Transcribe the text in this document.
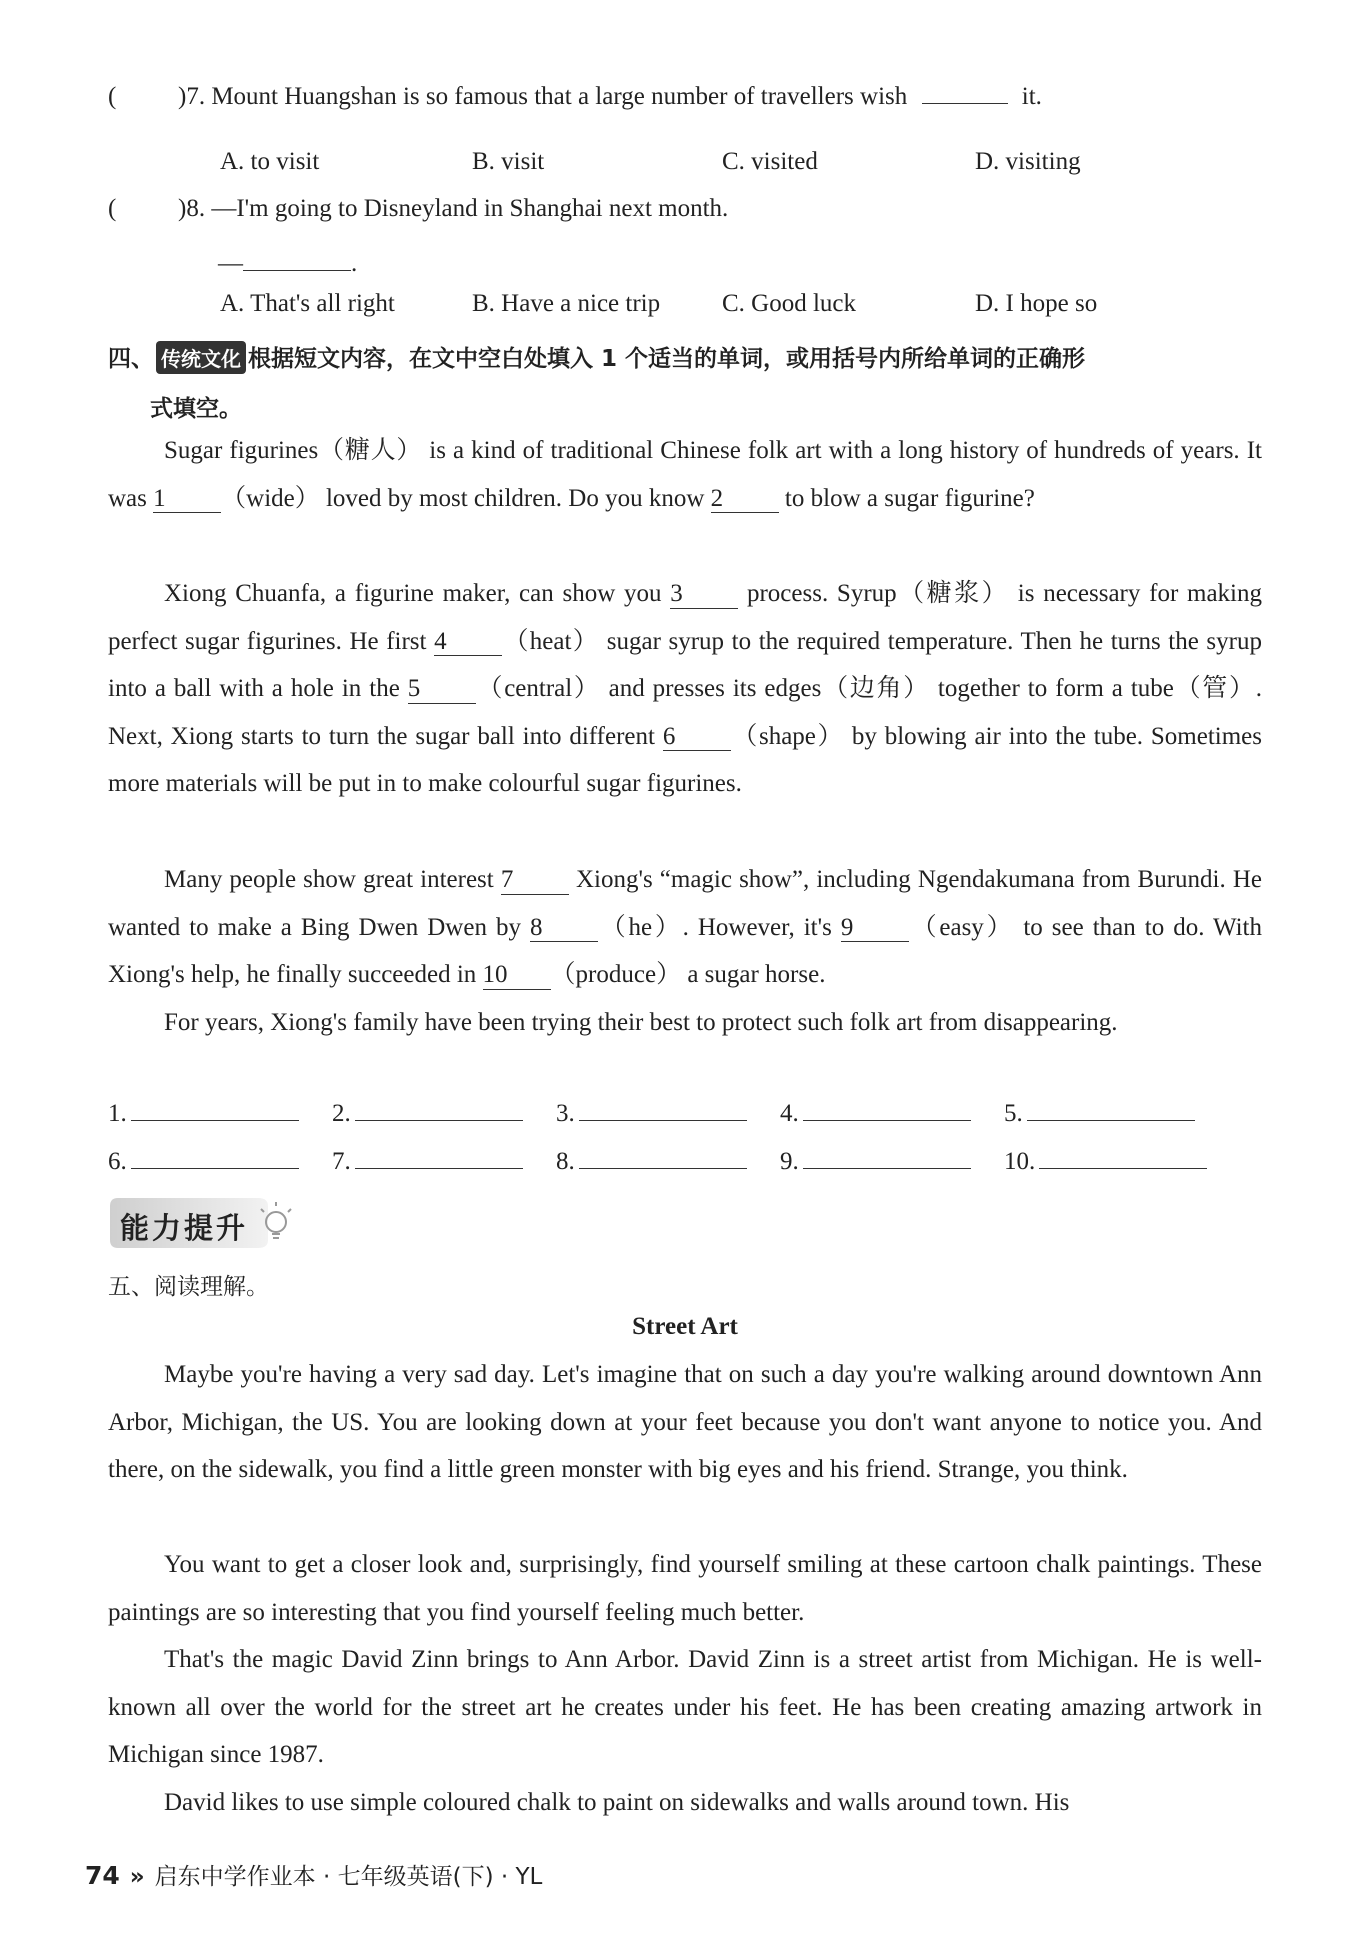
( )7. Mount Huangshan is so famous that a large number of travellers wish	it.
A. to visit	B. visit	C. visited	D. visiting
( )8. —I'm going to Disneyland in Shanghai next month.
—	.
A. That's all right	B. Have a nice trip C. Good luck	D. I hope so
四、 传统文化 根据短文内容，在文中空白处填入 1 个适当的单词，或用括号内所给单词的正确形
式填空。
Sugar figurines（糖人） is a kind of traditional Chinese folk art with a long history of hundreds of years. It was 1 （wide） loved by most children. Do you know 2 to blow a sugar figurine?
Xiong Chuanfa, a figurine maker, can show you 3 process. Syrup（糖浆） is necessary for making perfect sugar figurines. He first 4 （heat） sugar syrup to the required temperature. Then he turns the syrup into a ball with a hole in the 5 （central） and presses its edges（边角） together to form a tube（管）. Next, Xiong starts to turn the sugar ball into different 6 （shape） by blowing air into the tube. Sometimes more materials will be put in to make colourful sugar figurines.
Many people show great interest 7 Xiong's “magic show”, including Ngendakumana from Burundi. He wanted to make a Bing Dwen Dwen by 8 （he）. However, it's 9 （easy） to see than to do. With Xiong's help, he finally succeeded in 10 （produce） a sugar horse.
For years, Xiong's family have been trying their best to protect such folk art from disappearing.
1.	2.	3.	4.	5.
6.	7.	8.	9.	10.
能力提升
五、阅读理解。
Street Art
Maybe you're having a very sad day. Let's imagine that on such a day you're walking around downtown Ann Arbor, Michigan, the US. You are looking down at your feet because you don't want anyone to notice you. And there, on the sidewalk, you find a little green monster with big eyes and his friend. Strange, you think.
You want to get a closer look and, surprisingly, find yourself smiling at these cartoon chalk paintings. These paintings are so interesting that you find yourself feeling much better.
That's the magic David Zinn brings to Ann Arbor. David Zinn is a street artist from Michigan. He is well-known all over the world for the street art he creates under his feet. He has been creating amazing artwork in Michigan since 1987.
David likes to use simple coloured chalk to paint on sidewalks and walls around town. His
74 » 启东中学作业本 · 七年级英语(下) · YL
